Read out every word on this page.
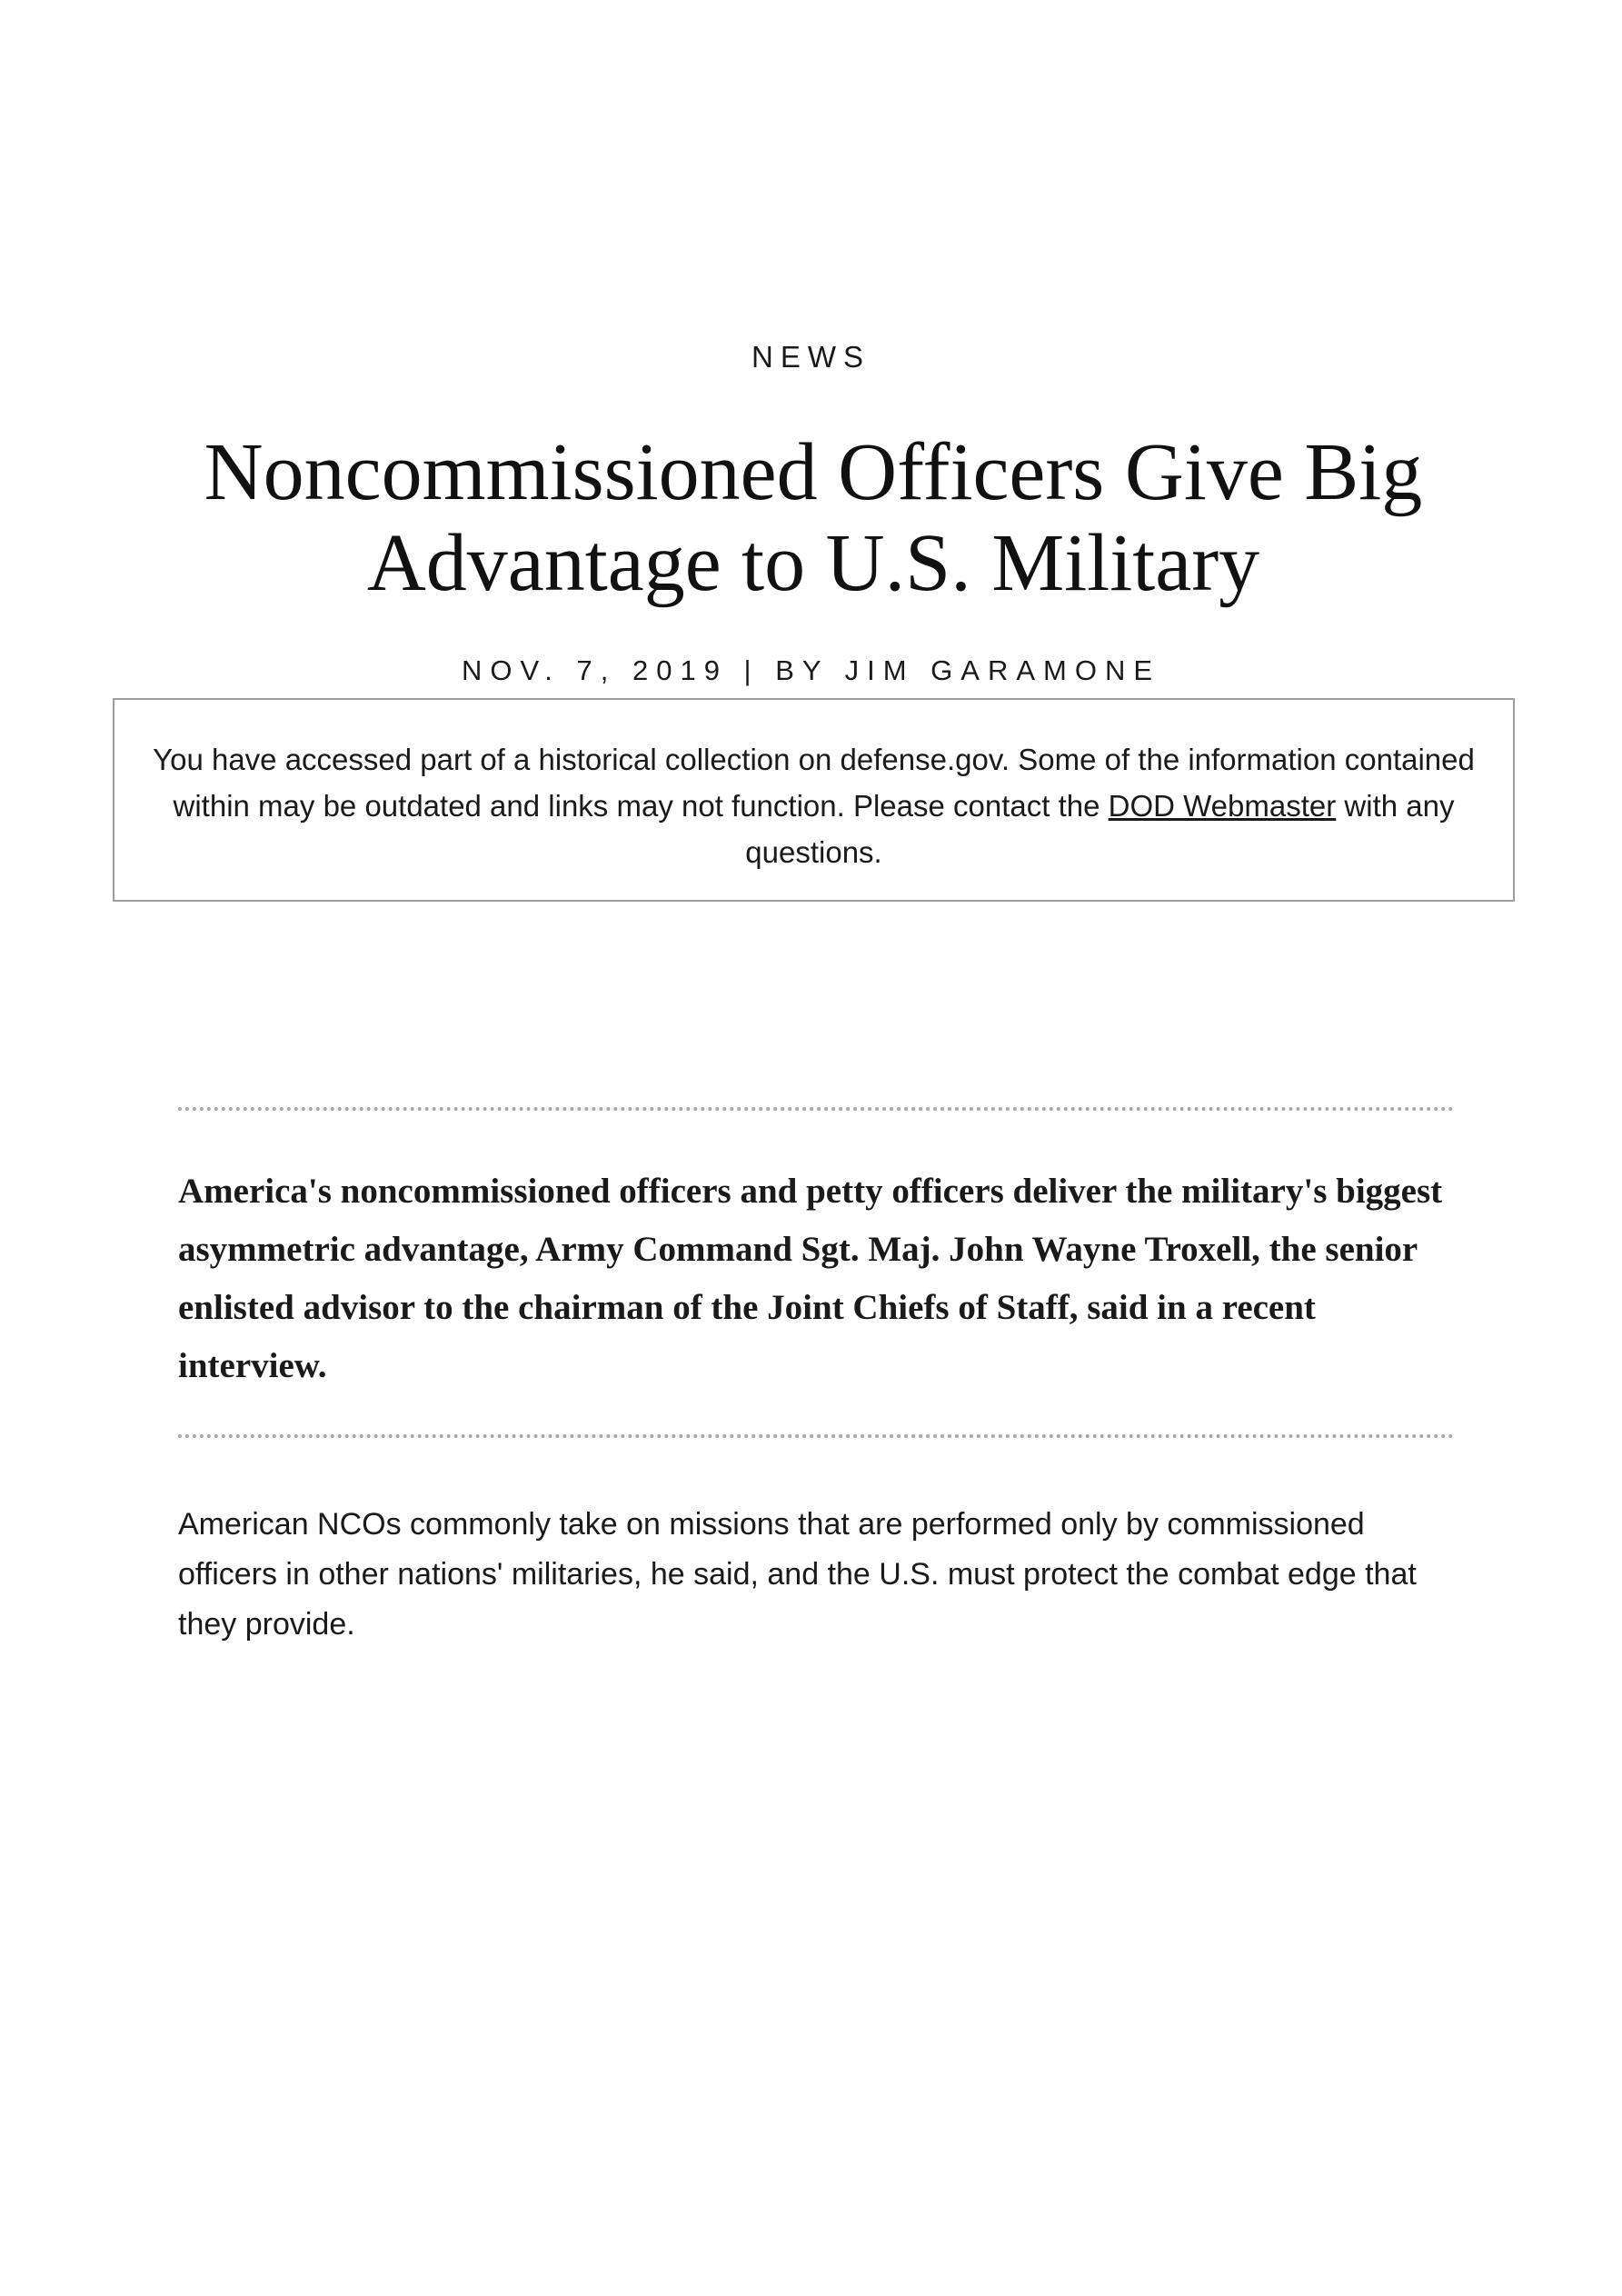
NEWS
Noncommissioned Officers Give Big Advantage to U.S. Military
NOV. 7, 2019 | BY JIM GARAMONE
You have accessed part of a historical collection on defense.gov. Some of the information contained within may be outdated and links may not function. Please contact the DOD Webmaster with any questions.

America's noncommissioned officers and petty officers deliver the military's biggest asymmetric advantage, Army Command Sgt. Maj. John Wayne Troxell, the senior enlisted advisor to the chairman of the Joint Chiefs of Staff, said in a recent interview.

American NCOs commonly take on missions that are performed only by commissioned officers in other nations' militaries, he said, and the U.S. must protect the combat edge that they provide.
